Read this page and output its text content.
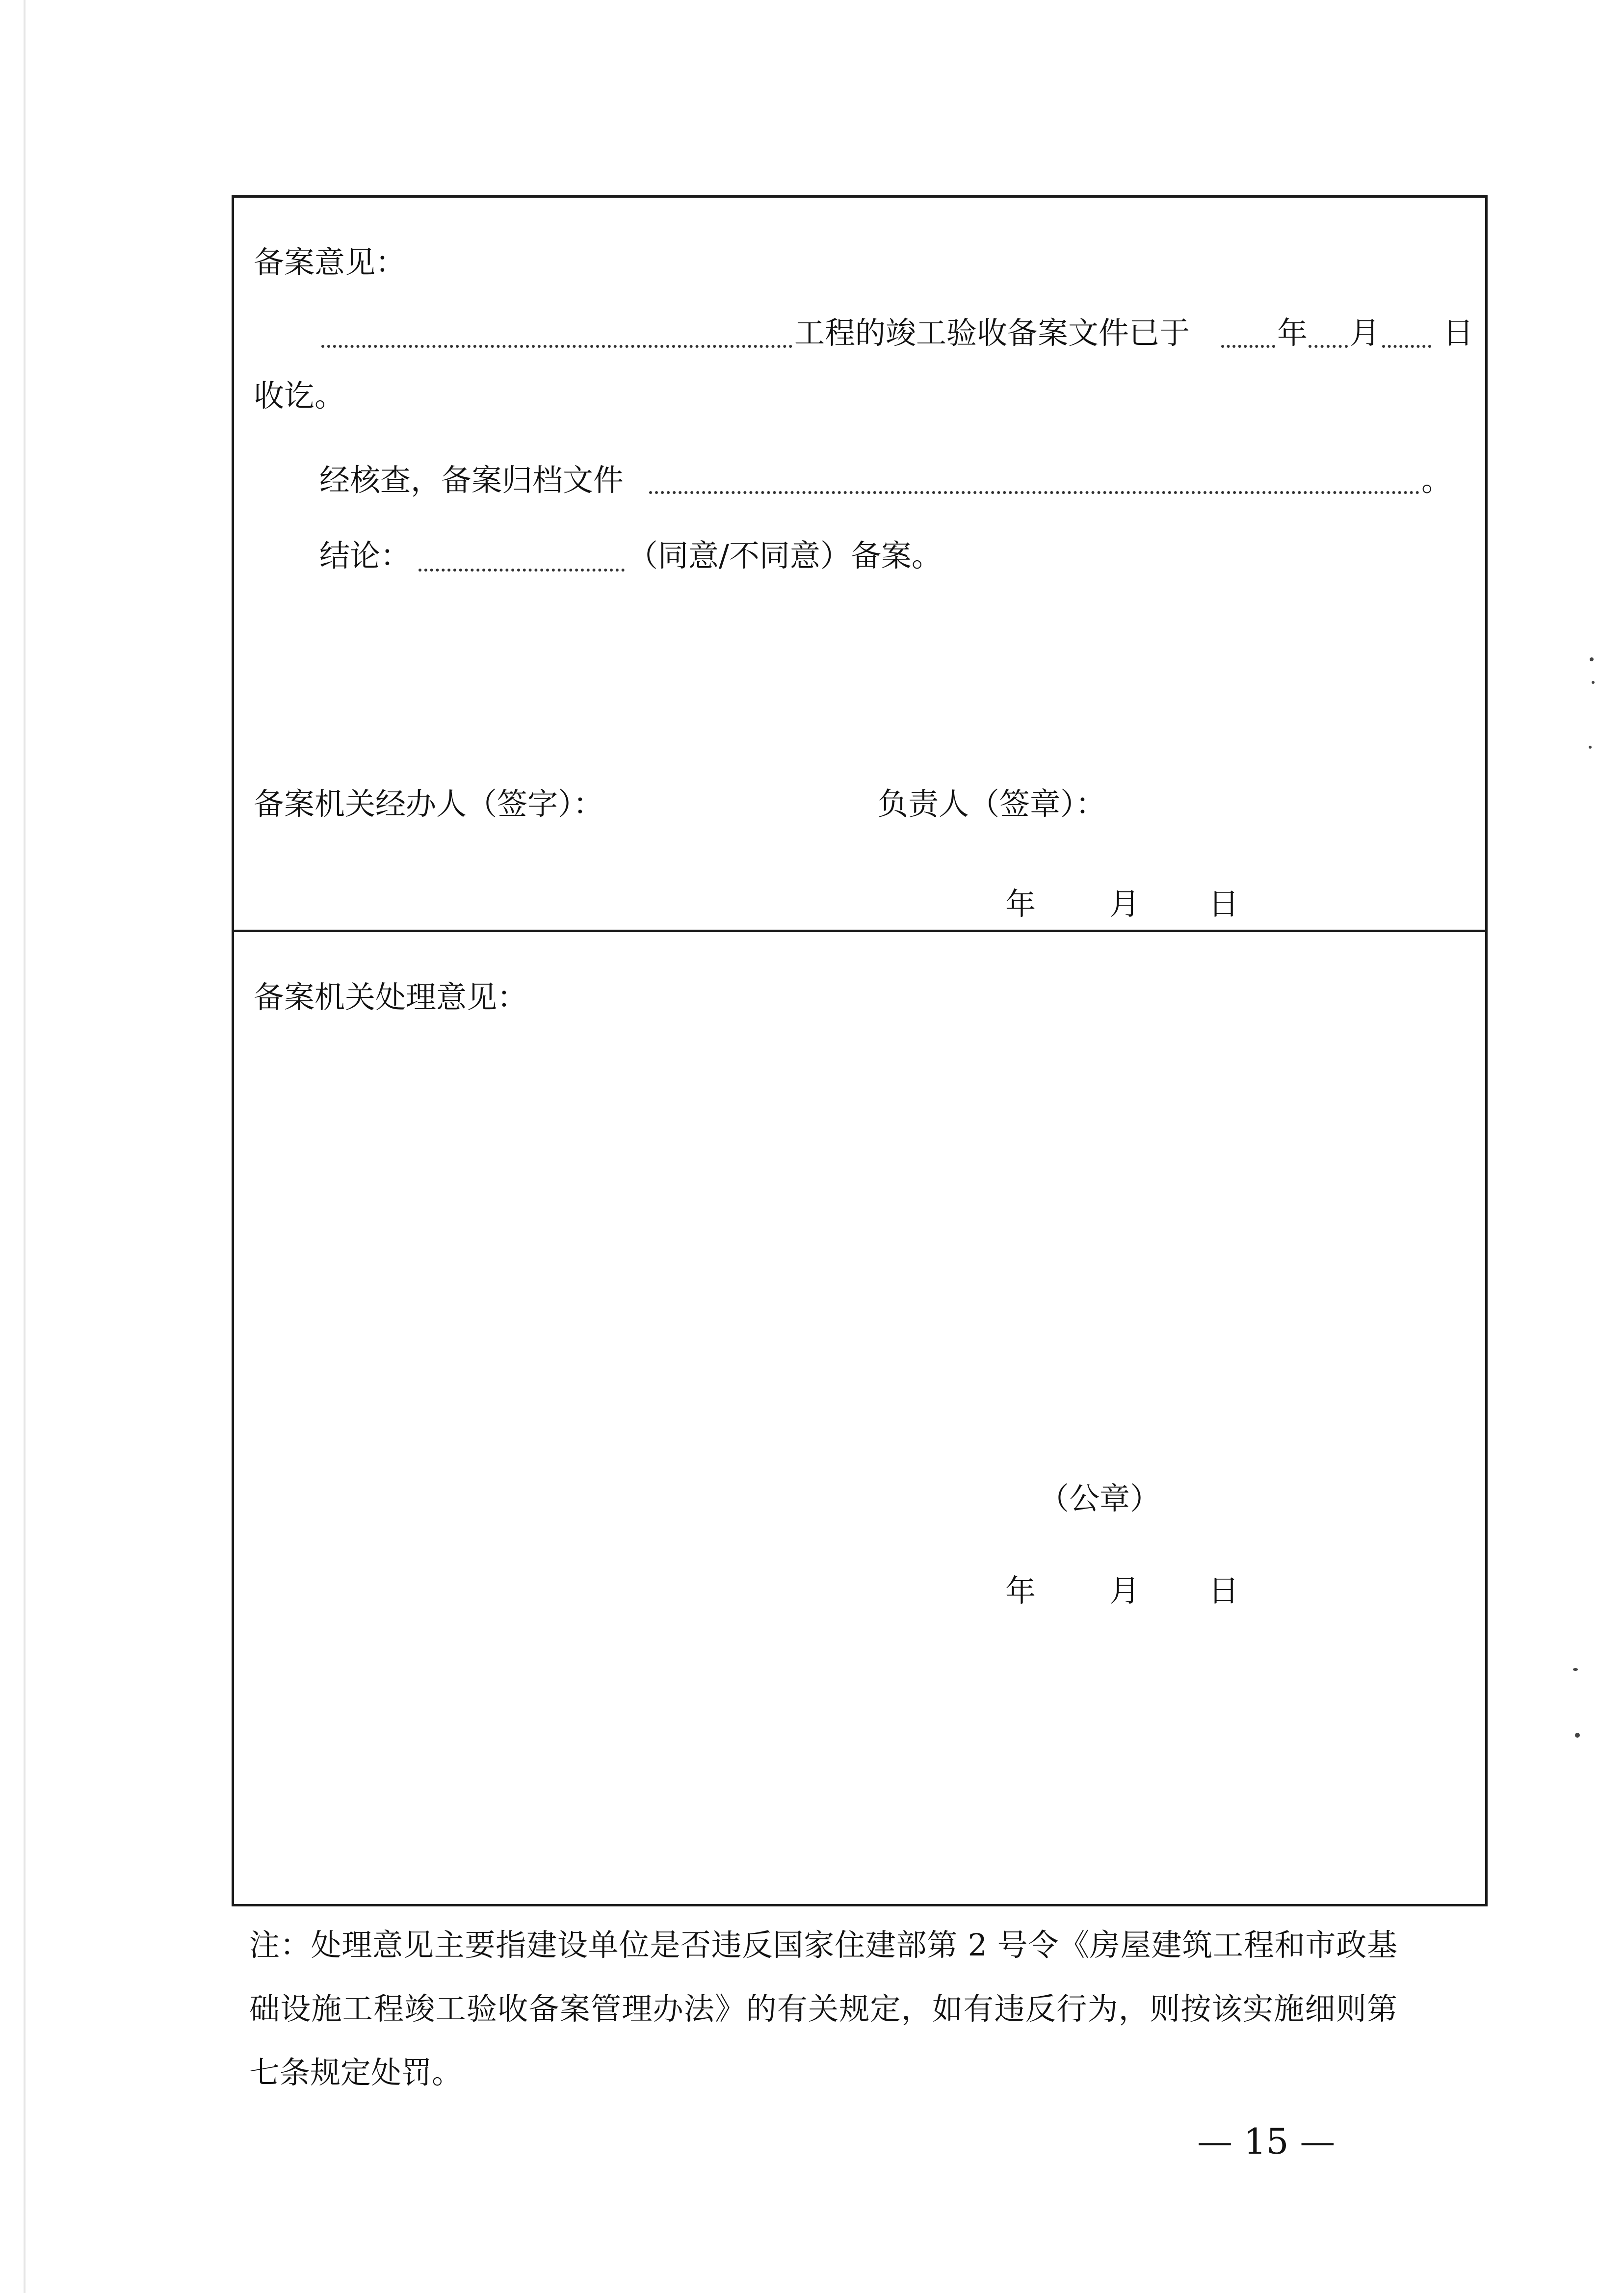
备案意见：
工程的竣工验收备案文件已于	年 月 日
收讫。
经核查，备案归档文件	。
结论：	（同意/不同意）备案。
备案机关经办人（签字）：	负责人（签章）：
年 月 日
备案机关处理意见：
（公章）
年 月 日
注：处理意见主要指建设单位是否违反国家住建部第 2 号令《房屋建筑工程和市政基础设施工程竣工验收备案管理办法》的有关规定，如有违反行为，则按该实施细则第七条规定处罚。
— 15 —
